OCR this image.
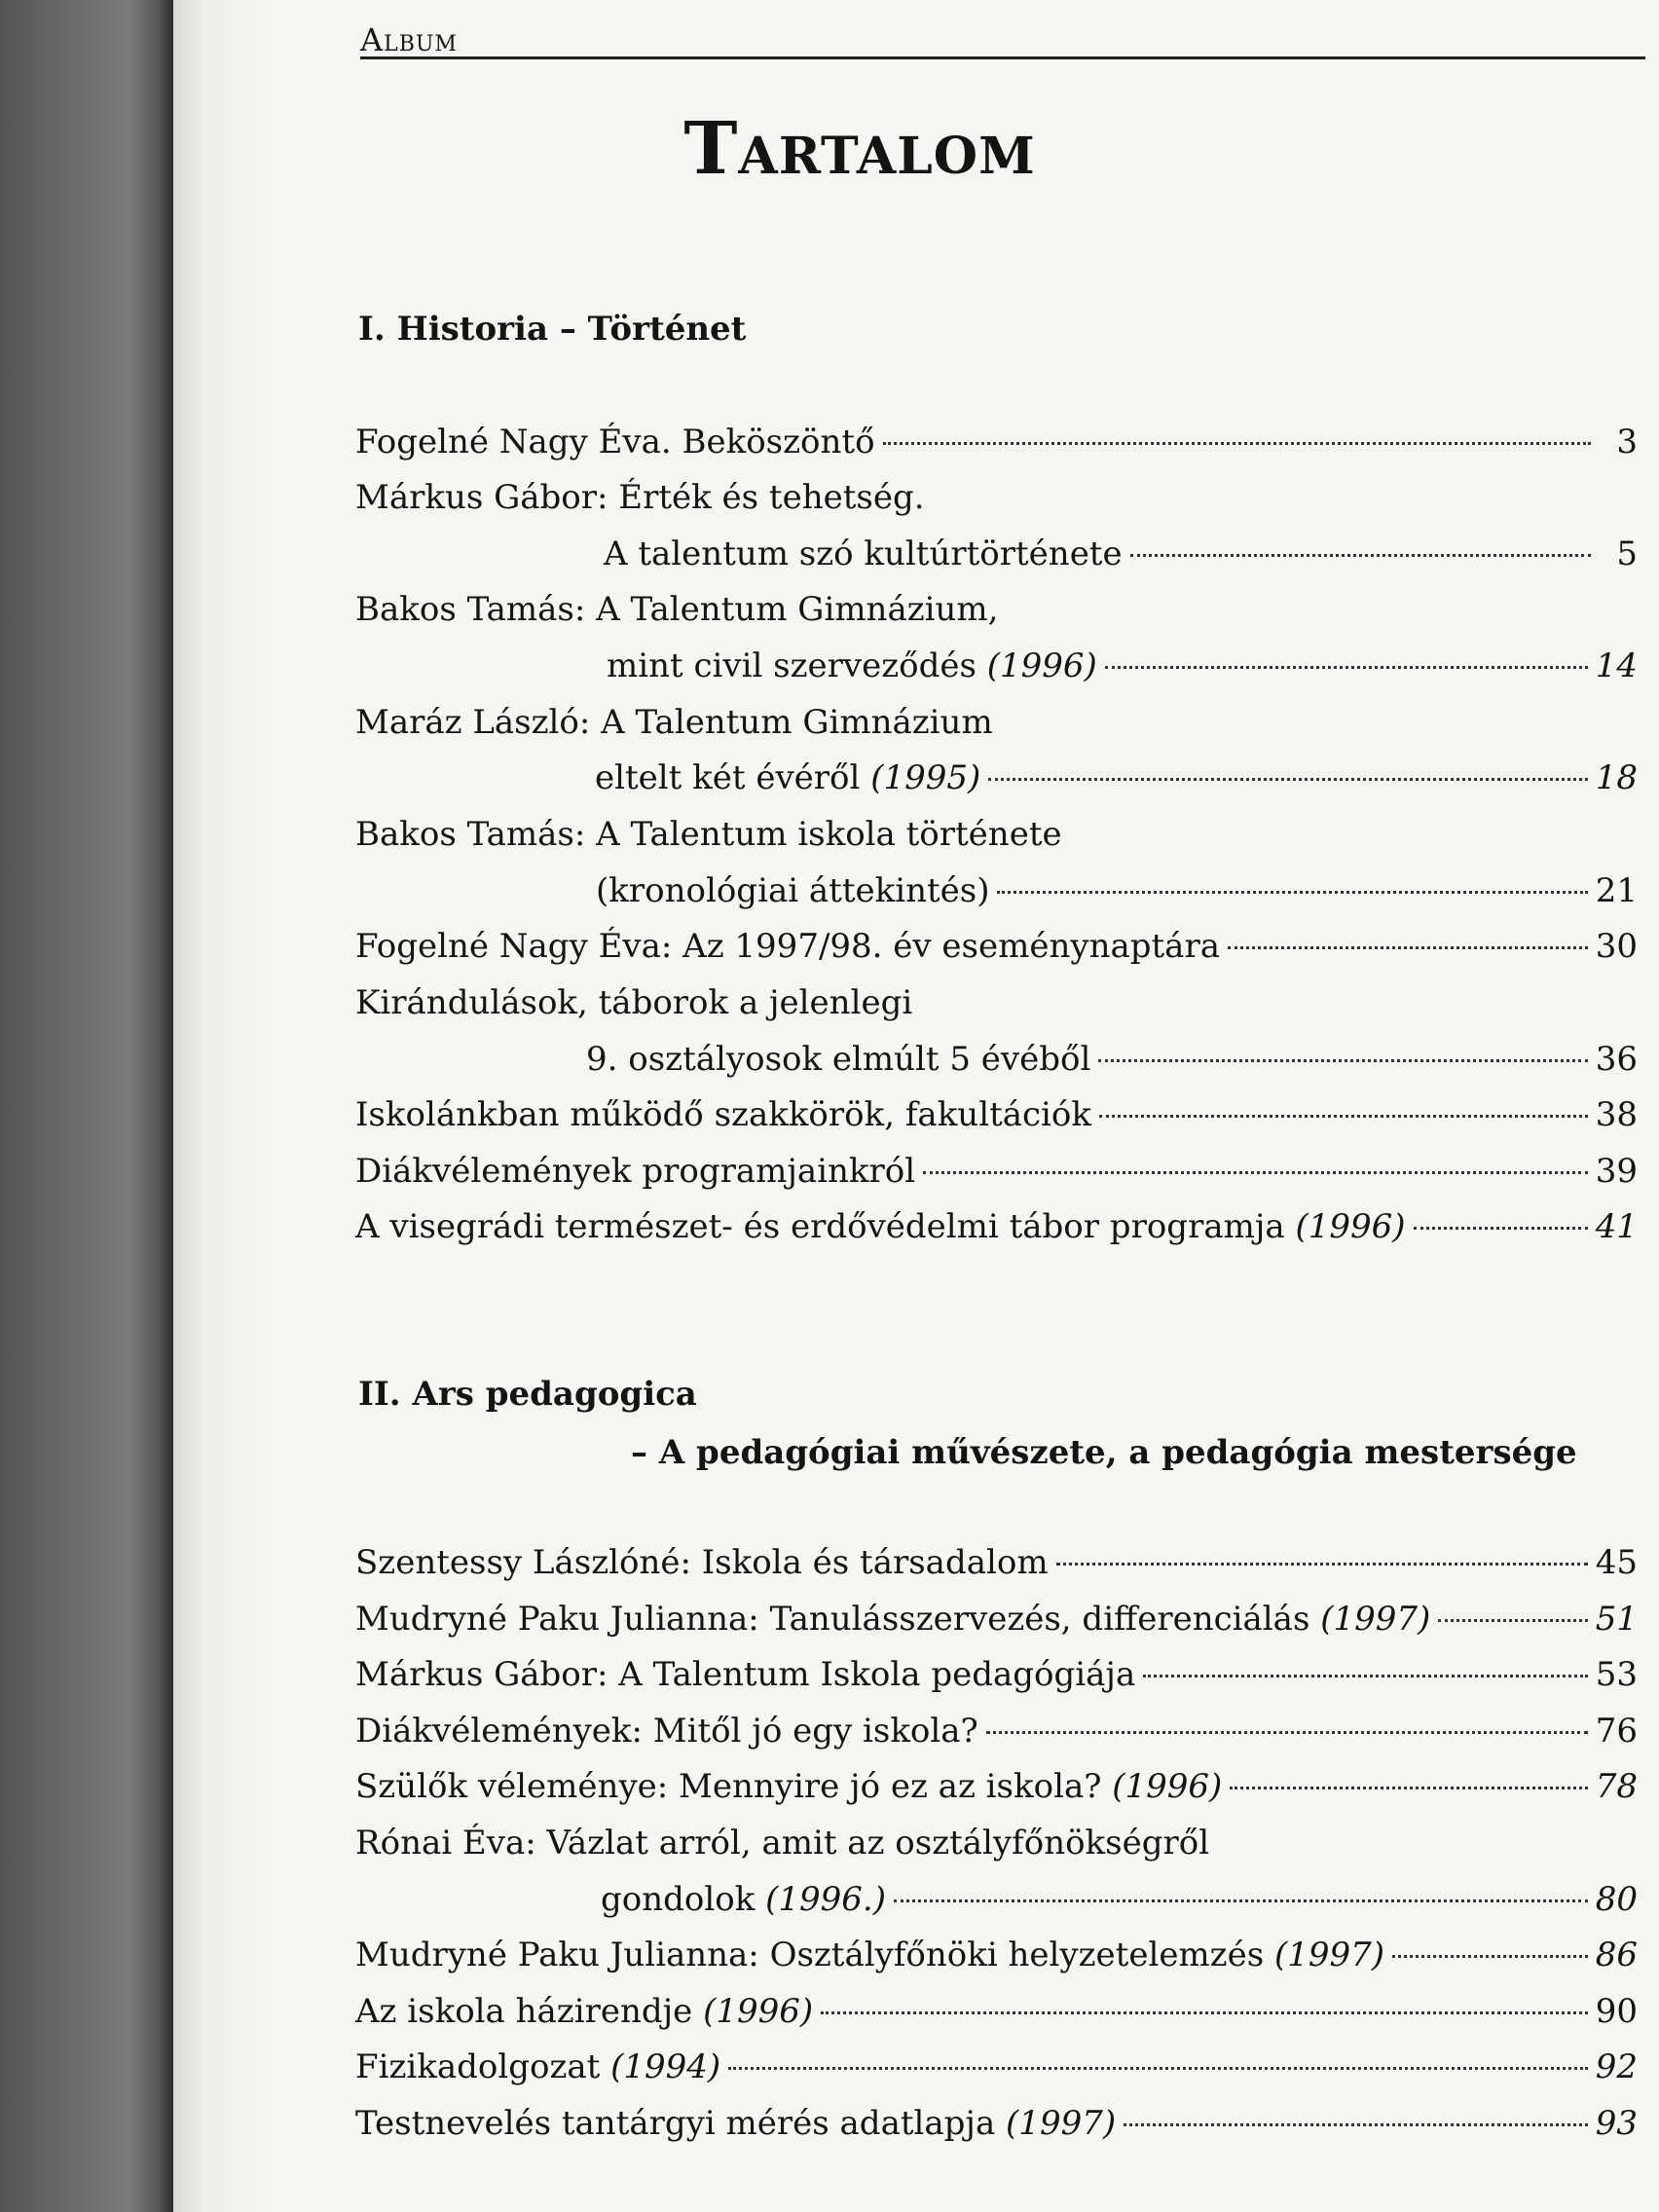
Album
Tartalom
I. Historia – Történet
Fogelné Nagy Éva. Beköszöntő	3
Márkus Gábor: Érték és tehetség.
A talentum szó kultúrtörténete	5
Bakos Tamás: A Talentum Gimnázium,
mint civil szerveződés (1996)	14
Maráz László: A Talentum Gimnázium
eltelt két évéről (1995)	18
Bakos Tamás: A Talentum iskola története
(kronológiai áttekintés)	21
Fogelné Nagy Éva: Az 1997/98. év eseménynaptára	30
Kirándulások, táborok a jelenlegi
9. osztályosok elmúlt 5 évéből	36
Iskolánkban működő szakkörök, fakultációk	38
Diákvélemények programjainkról	39
A visegrádi természet- és erdővédelmi tábor programja (1996)	41
II. Ars pedagogica
– A pedagógiai művészete, a pedagógia mestersége
Szentessy Lászlóné: Iskola és társadalom	45
Mudryné Paku Julianna: Tanulásszervezés, differenciálás (1997)	51
Márkus Gábor: A Talentum Iskola pedagógiája	53
Diákvélemények: Mitől jó egy iskola?	76
Szülők véleménye: Mennyire jó ez az iskola? (1996)	78
Rónai Éva: Vázlat arról, amit az osztályfőnökségről
gondolok (1996.)	80
Mudryné Paku Julianna: Osztályfőnöki helyzetelemzés (1997)	86
Az iskola házirendje (1996)	90
Fizikadolgozat (1994)	92
Testnevelés tantárgyi mérés adatlapja (1997)	93
